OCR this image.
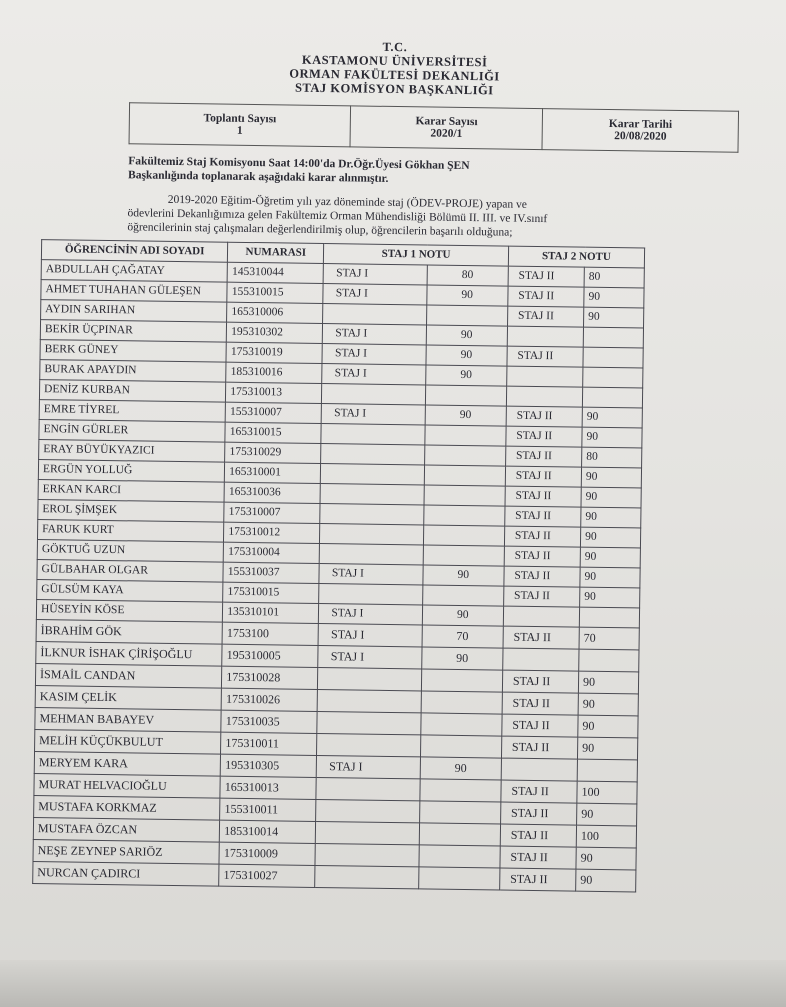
T.C.
KASTAMONU ÜNİVERSİTESİ
ORMAN FAKÜLTESİ DEKANLIĞI
STAJ KOMİSYON BAŞKANLIĞI
Toplantı Sayısı
1

Karar Sayısı
2020/1

Karar Tarihi
20/08/2020
Fakültemiz Staj Komisyonu Saat 14:00'da Dr.Öğr.Üyesi Gökhan ŞEN
Başkanlığında toplanarak aşağıdaki karar alınmıştır.
2019-2020 Eğitim-Öğretim yılı yaz döneminde staj (ÖDEV-PROJE) yapan ve
ödevlerini Dekanlığımıza gelen Fakültemiz Orman Mühendisliği Bölümü II. III. ve IV.sınıf
öğrencilerinin staj çalışmaları değerlendirilmiş olup, öğrencilerin başarılı olduğuna;
ÖĞRENCİNİN ADI SOYADI	NUMARASI	STAJ 1 NOTU		STAJ 2 NOTU	
ABDULLAH ÇAĞATAY	145310044	STAJ I	80	STAJ II	80
AHMET TUHAHAN GÜLEŞEN	155310015	STAJ I	90	STAJ II	90
AYDIN SARIHAN	165310006			STAJ II	90
BEKİR ÜÇPINAR	195310302	STAJ I	90		
BERK GÜNEY	175310019	STAJ I	90	STAJ II	
BURAK APAYDIN	185310016	STAJ I	90		
DENİZ KURBAN	175310013				
EMRE TİYREL	155310007	STAJ I	90	STAJ II	90
ENGİN GÜRLER	165310015			STAJ II	90
ERAY BÜYÜKYAZICI	175310029			STAJ II	80
ERGÜN YOLLUĞ	165310001			STAJ II	90
ERKAN KARCI	165310036			STAJ II	90
EROL ŞİMŞEK	175310007			STAJ II	90
FARUK KURT	175310012			STAJ II	90
GÖKTUĞ UZUN	175310004			STAJ II	90
GÜLBAHAR OLGAR	155310037	STAJ I	90	STAJ II	90
GÜLSÜM KAYA	175310015			STAJ II	90
HÜSEYİN KÖSE	135310101	STAJ I	90		
İBRAHİM GÖK	1753100	STAJ I	70	STAJ II	70
İLKNUR İSHAK ÇİRİŞOĞLU	195310005	STAJ I	90		
İSMAİL CANDAN	175310028			STAJ II	90
KASIM ÇELİK	175310026			STAJ II	90
MEHMAN BABAYEV	175310035			STAJ II	90
MELİH KÜÇÜKBULUT	175310011			STAJ II	90
MERYEM KARA	195310305	STAJ I	90		
MURAT HELVACIOĞLU	165310013			STAJ II	100
MUSTAFA KORKMAZ	155310011			STAJ II	90
MUSTAFA ÖZCAN	185310014			STAJ II	100
NEŞE ZEYNEP SARIÖZ	175310009			STAJ II	90
NURCAN ÇADIRCI	175310027			STAJ II	90
